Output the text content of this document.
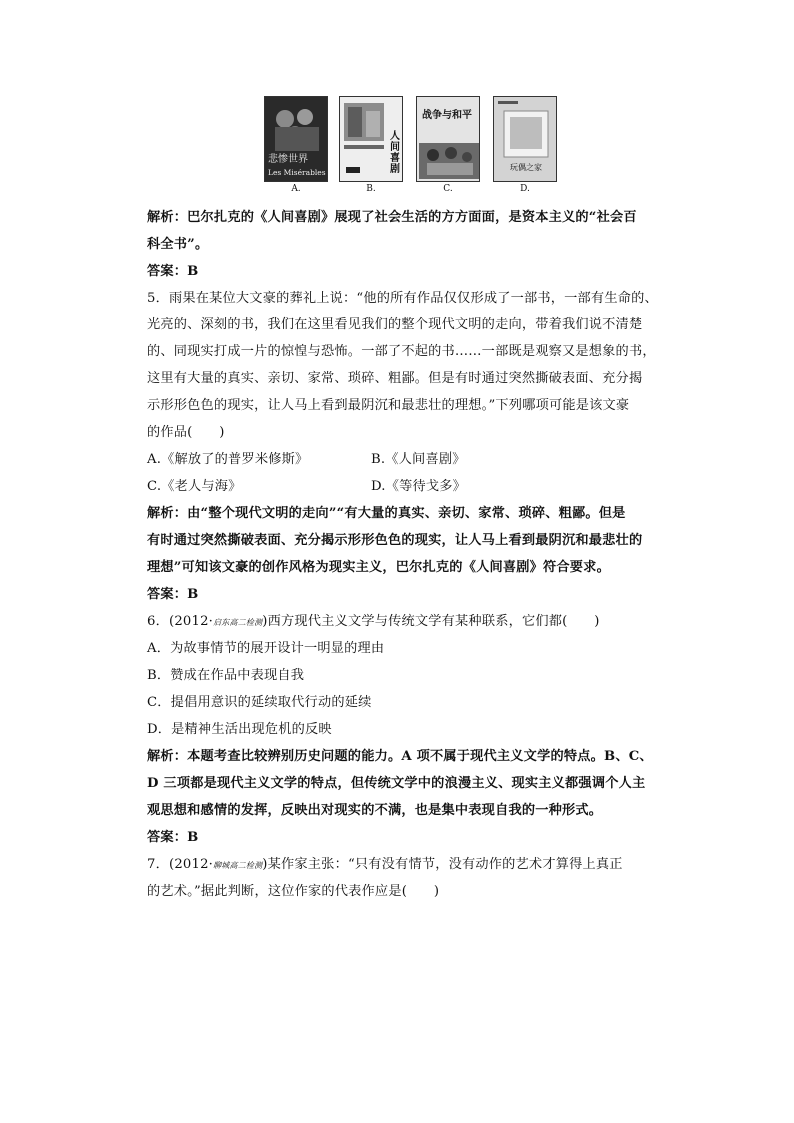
悲惨世界
Les Misérables
A.
人间喜剧
B.
战争与和平
C.
玩偶之家
D.
解析：巴尔扎克的《人间喜剧》展现了社会生活的方方面面，是资本主义的“社会百
科全书”。
答案：B
5．雨果在某位大文豪的葬礼上说：“他的所有作品仅仅形成了一部书，一部有生命的、
光亮的、深刻的书，我们在这里看见我们的整个现代文明的走向，带着我们说不清楚
的、同现实打成一片的惊惶与恐怖。一部了不起的书……一部既是观察又是想象的书，
这里有大量的真实、亲切、家常、琐碎、粗鄙。但是有时通过突然撕破表面、充分揭
示形形色色的现实，让人马上看到最阴沉和最悲壮的理想。”下列哪项可能是该文豪
的作品(　　)
A.《解放了的普罗米修斯》	B.《人间喜剧》
C.《老人与海》	D.《等待戈多》
解析：由“整个现代文明的走向”“有大量的真实、亲切、家常、琐碎、粗鄙。但是
有时通过突然撕破表面、充分揭示形形色色的现实，让人马上看到最阴沉和最悲壮的
理想”可知该文豪的创作风格为现实主义，巴尔扎克的《人间喜剧》符合要求。
答案：B
6．(2012·启东高二检测)西方现代主义文学与传统文学有某种联系，它们都(　　)
A．为故事情节的展开设计一明显的理由
B．赞成在作品中表现自我
C．提倡用意识的延续取代行动的延续
D．是精神生活出现危机的反映
解析：本题考查比较辨别历史问题的能力。A 项不属于现代主义文学的特点。B、C、
D 三项都是现代主义文学的特点，但传统文学中的浪漫主义、现实主义都强调个人主
观思想和感情的发挥，反映出对现实的不满，也是集中表现自我的一种形式。
答案：B
7．(2012·聊城高二检测)某作家主张：“只有没有情节，没有动作的艺术才算得上真正
的艺术。”据此判断，这位作家的代表作应是(　　)
